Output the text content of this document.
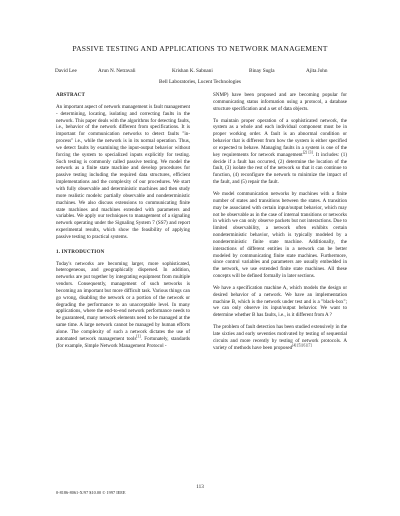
PASSIVE TESTING AND APPLICATIONS TO NETWORK MANAGEMENT
David Lee	Arun N. Netravali	Krishan K. Sabnani	Binay Sugla	Ajita John
Bell Laboratories, Lucent Technologies
ABSTRACT

An important aspect of network management is fault management - determining, locating, isolating and correcting faults in the network. This paper deals with the algorithms for detecting faults, i.e., behavior of the network different from specifications. It is important for communication networks to detect faults "in-process" i.e., while the network is in its normal operation. Thus, we detect faults by examining the input-output behavior without forcing the system to specialized inputs explicitly for testing. Such testing is commonly called passive testing. We model the network as a finite state machine and develop procedures for passive testing including the required data structures, efficient implementations and the complexity of our procedures. We start with fully observable and deterministic machines and then study more realistic models: partially observable and nondeterministic machines. We also discuss extensions to communicating finite state machines and machines extended with parameters and variables. We apply our techniques to management of a signaling network operating under the Signaling System 7 (SS7) and report experimental results, which show the feasibility of applying passive testing to practical systems.

1. INTRODUCTION

Today's networks are becoming larger, more sophisticated, heterogeneous, and geographically dispersed. In addition, networks are put together by integrating equipment from multiple vendors. Consequently, management of such networks is becoming an important but more difficult task. Various things can go wrong, disabling the network or a portion of the network or degrading the performance to an unacceptable level. In many applications, where the end-to-end network performance needs to be guaranteed, many network elements need to be managed at the same time. A large network cannot be managed by human efforts alone. The complexity of such a network dictates the use of automated network management tools[1]. Fortunately, standards (for example, Simple Network Management Protocol -

SNMP) have been proposed and are becoming popular for communicating status information using a protocol, a database structure specification and a set of data objects.

To maintain proper operation of a sophisticated network, the system as a whole and each individual component must be in proper working order. A fault is an abnormal condition or behavior that is different from how the system is either specified or expected to behave. Managing faults in a system is one of the key requirements for network management[2] [3]. It includes: (1) decide if a fault has occurred, (2) determine the location of the fault, (3) isolate the rest of the network so that it can continue to function, (4) reconfigure the network to minimize the impact of the fault, and (5) repair the fault.

We model communication networks by machines with a finite number of states and transitions between the states. A transition may be associated with certain input/output behavior, which may not be observable as in the case of internal transitions or networks in which we can only observe packets but not interactions. Due to limited observability, a network often exhibits certain nondeterministic behavior, which is typically modeled by a nondeterministic finite state machine. Additionally, the interactions of different entities in a network can be better modeled by communicating finite state machines. Furthermore, since control variables and parameters are usually embedded in the network, we use extended finite state machines. All these concepts will be defined formally in later sections.

We have a specification machine A, which models the design or desired behavior of a network. We have an implementation machine B, which is the network under test and is a "black-box"; we can only observe its input/output behavior. We want to determine whether B has faults, i.e., is it different from A ?

The problem of fault detection has been studied extensively in the late sixties and early seventies motivated by testing of sequential circuits and more recently by testing of network protocols. A variety of methods have been proposed[4] [5] [6] [7]

113
0-8186-8061-X/97 $10.00 © 1997 IEEE
